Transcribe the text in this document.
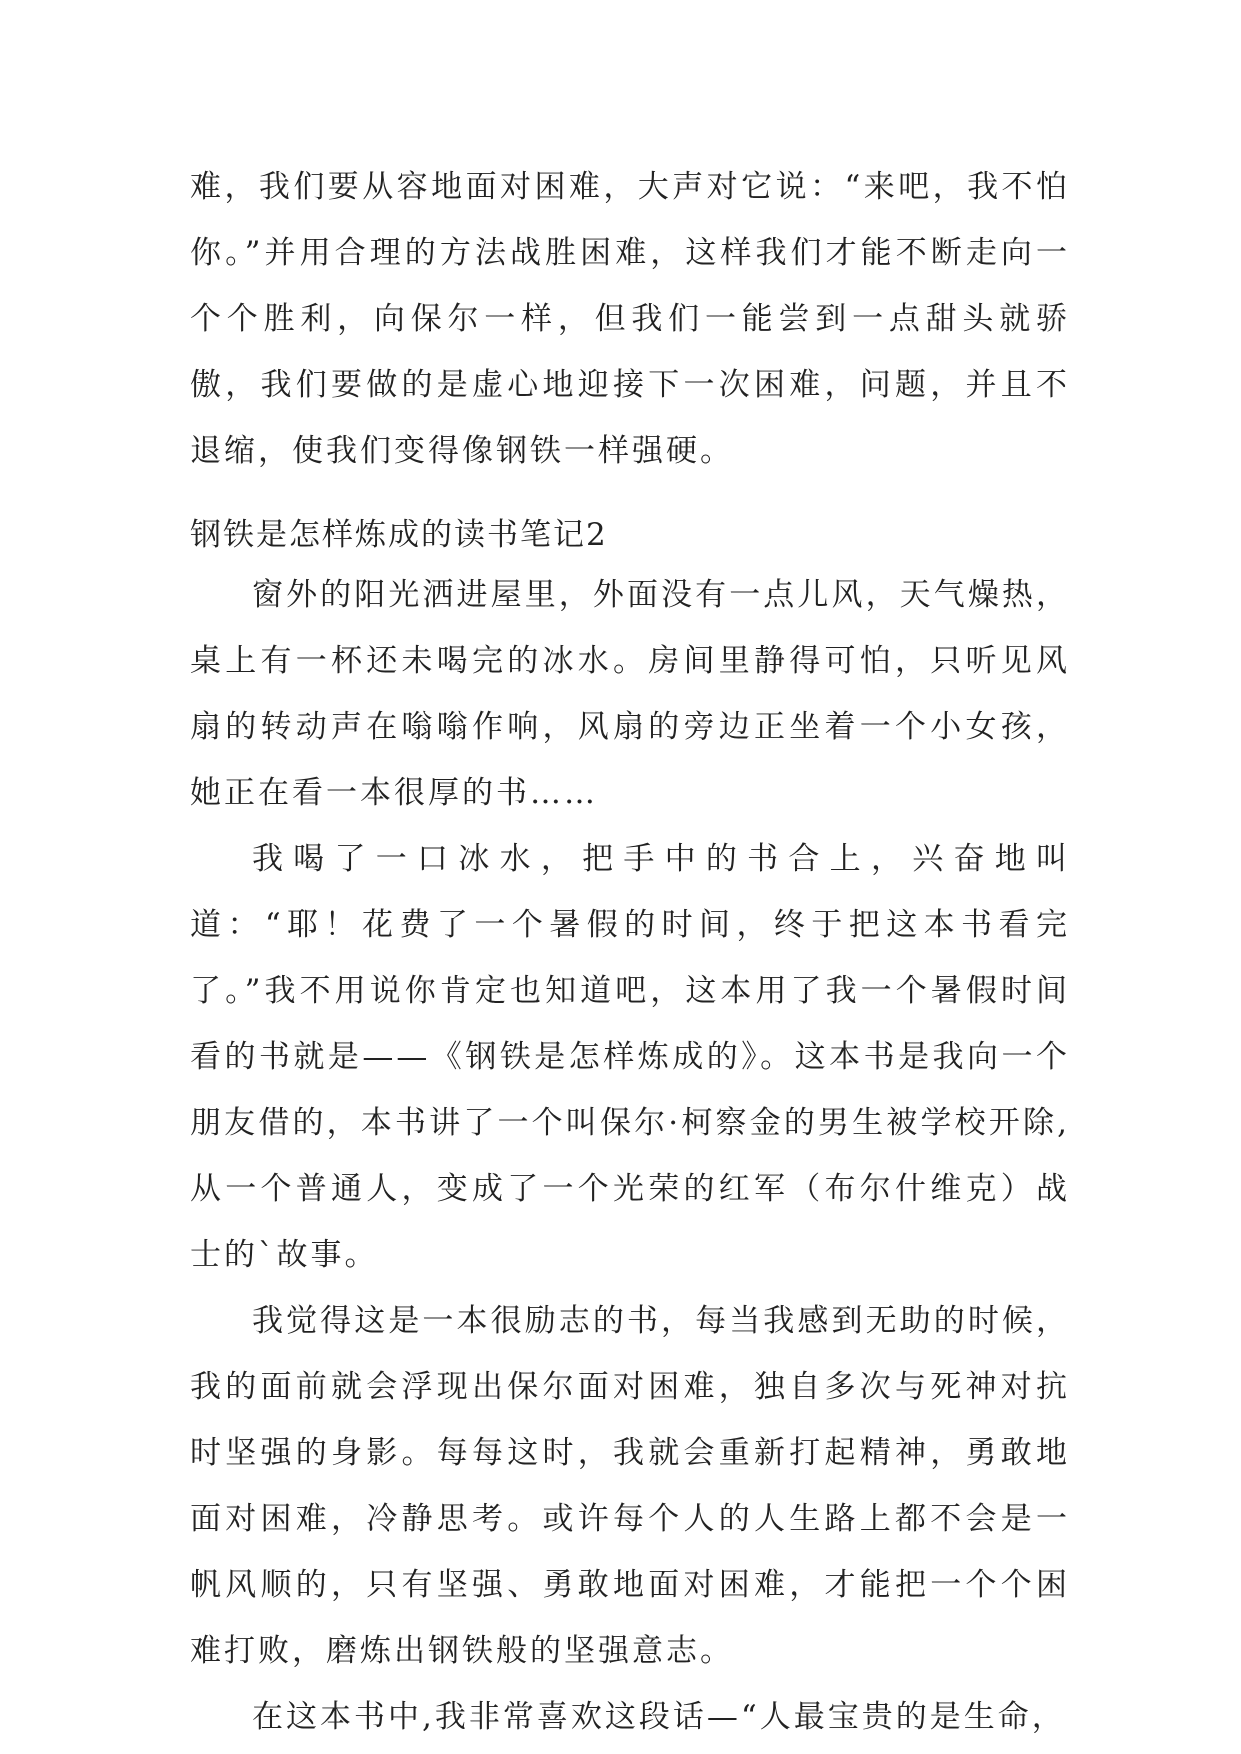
难，我们要从容地面对困难，大声对它说：“来吧，我不怕你。”并用合理的方法战胜困难，这样我们才能不断走向一个个胜利，向保尔一样，但我们一能尝到一点甜头就骄傲，我们要做的是虚心地迎接下一次困难，问题，并且不退缩，使我们变得像钢铁一样强硬。

钢铁是怎样炼成的读书笔记2

窗外的阳光洒进屋里，外面没有一点儿风，天气燥热，桌上有一杯还未喝完的冰水。房间里静得可怕，只听见风扇的转动声在嗡嗡作响，风扇的旁边正坐着一个小女孩，她正在看一本很厚的书……

我喝了一口冰水，把手中的书合上，兴奋地叫道：“耶！花费了一个暑假的时间，终于把这本书看完了。”我不用说你肯定也知道吧，这本用了我一个暑假时间看的书就是——《钢铁是怎样炼成的》。这本书是我向一个朋友借的，本书讲了一个叫保尔·柯察金的男生被学校开除,从一个普通人，变成了一个光荣的红军（布尔什维克）战士的`故事。

我觉得这是一本很励志的书，每当我感到无助的时候，我的面前就会浮现出保尔面对困难，独自多次与死神对抗时坚强的身影。每每这时，我就会重新打起精神，勇敢地面对困难，冷静思考。或许每个人的人生路上都不会是一帆风顺的，只有坚强、勇敢地面对困难，才能把一个个困难打败，磨炼出钢铁般的坚强意志。

在这本书中,我非常喜欢这段话—“人最宝贵的是生命，
